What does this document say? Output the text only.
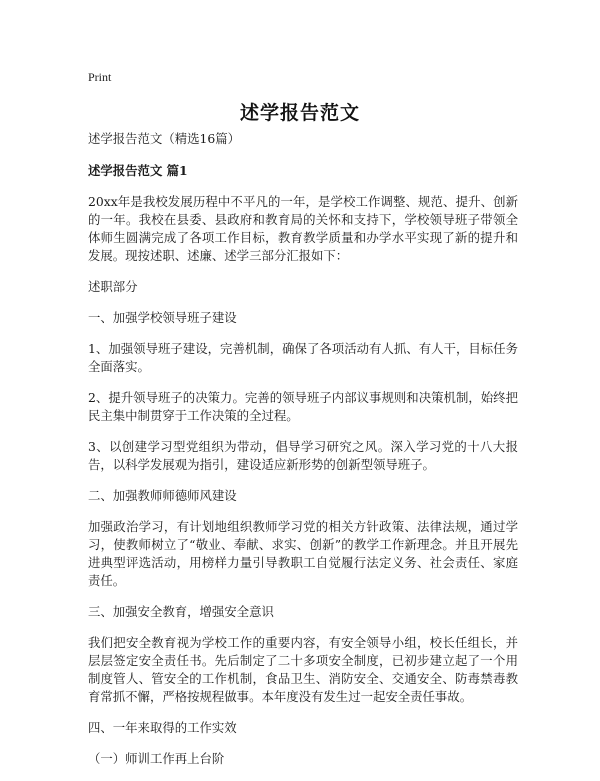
Print
述学报告范文

述学报告范文（精选16篇）

述学报告范文 篇1

20xx年是我校发展历程中不平凡的一年，是学校工作调整、规范、提升、创新的一年。我校在县委、县政府和教育局的关怀和支持下，学校领导班子带领全体师生圆满完成了各项工作目标，教育教学质量和办学水平实现了新的提升和发展。现按述职、述廉、述学三部分汇报如下：

述职部分

一、加强学校领导班子建设

1、加强领导班子建设，完善机制，确保了各项活动有人抓、有人干，目标任务全面落实。

2、提升领导班子的决策力。完善的领导班子内部议事规则和决策机制，始终把民主集中制贯穿于工作决策的全过程。

3、以创建学习型党组织为带动，倡导学习研究之风。深入学习党的十八大报告，以科学发展观为指引，建设适应新形势的创新型领导班子。

二、加强教师师德师风建设

加强政治学习，有计划地组织教师学习党的相关方针政策、法律法规，通过学习，使教师树立了“敬业、奉献、求实、创新”的教学工作新理念。并且开展先进典型评选活动，用榜样力量引导教职工自觉履行法定义务、社会责任、家庭责任。

三、加强安全教育，增强安全意识

我们把安全教育视为学校工作的重要内容，有安全领导小组，校长任组长，并层层签定安全责任书。先后制定了二十多项安全制度，已初步建立起了一个用制度管人、管安全的工作机制，食品卫生、消防安全、交通安全、防毒禁毒教育常抓不懈，严格按规程做事。本年度没有发生过一起安全责任事故。

四、一年来取得的工作实效

（一）师训工作再上台阶
